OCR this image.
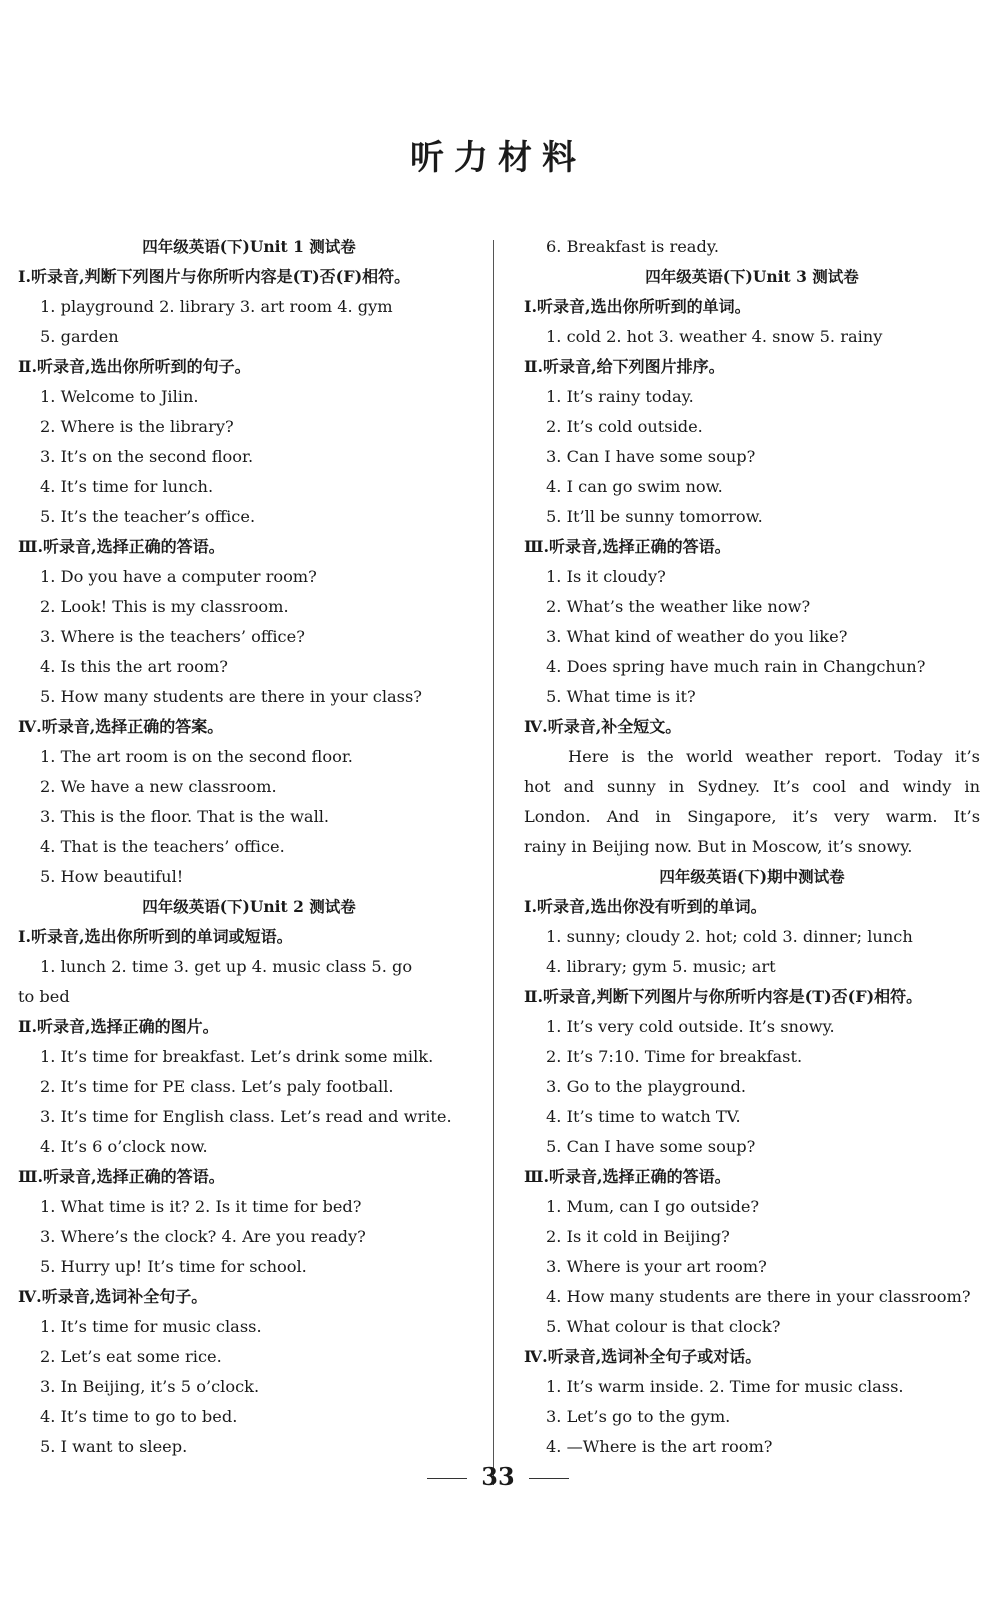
听力材料
四年级英语(下)Unit 1 测试卷
Ⅰ.听录音,判断下列图片与你所听内容是(T)否(F)相符。
1. playground 2. library 3. art room 4. gym
5. garden
Ⅱ.听录音,选出你所听到的句子。
1. Welcome to Jilin.
2. Where is the library?
3. It’s on the second floor.
4. It’s time for lunch.
5. It’s the teacher’s office.
Ⅲ.听录音,选择正确的答语。
1. Do you have a computer room?
2. Look! This is my classroom.
3. Where is the teachers’ office?
4. Is this the art room?
5. How many students are there in your class?
Ⅳ.听录音,选择正确的答案。
1. The art room is on the second floor.
2. We have a new classroom.
3. This is the floor. That is the wall.
4. That is the teachers’ office.
5. How beautiful!
四年级英语(下)Unit 2 测试卷
Ⅰ.听录音,选出你所听到的单词或短语。
1. lunch 2. time 3. get up 4. music class 5. go
to bed
Ⅱ.听录音,选择正确的图片。
1. It’s time for breakfast. Let’s drink some milk.
2. It’s time for PE class. Let’s paly football.
3. It’s time for English class. Let’s read and write.
4. It’s 6 o’clock now.
Ⅲ.听录音,选择正确的答语。
1. What time is it? 2. Is it time for bed?
3. Where’s the clock? 4. Are you ready?
5. Hurry up! It’s time for school.
Ⅳ.听录音,选词补全句子。
1. It’s time for music class.
2. Let’s eat some rice.
3. In Beijing, it’s 5 o’clock.
4. It’s time to go to bed.
5. I want to sleep.
6. Breakfast is ready.
四年级英语(下)Unit 3 测试卷
Ⅰ.听录音,选出你所听到的单词。
1. cold 2. hot 3. weather 4. snow 5. rainy
Ⅱ.听录音,给下列图片排序。
1. It’s rainy today.
2. It’s cold outside.
3. Can I have some soup?
4. I can go swim now.
5. It’ll be sunny tomorrow.
Ⅲ.听录音,选择正确的答语。
1. Is it cloudy?
2. What’s the weather like now?
3. What kind of weather do you like?
4. Does spring have much rain in Changchun?
5. What time is it?
Ⅳ.听录音,补全短文。
Here is the world weather report. Today it’s
hot and sunny in Sydney. It’s cool and windy in
London. And in Singapore, it’s very warm. It’s
rainy in Beijing now. But in Moscow, it’s snowy.
四年级英语(下)期中测试卷
Ⅰ.听录音,选出你没有听到的单词。
1. sunny; cloudy 2. hot; cold 3. dinner; lunch
4. library; gym 5. music; art
Ⅱ.听录音,判断下列图片与你所听内容是(T)否(F)相符。
1. It’s very cold outside. It’s snowy.
2. It’s 7:10. Time for breakfast.
3. Go to the playground.
4. It’s time to watch TV.
5. Can I have some soup?
Ⅲ.听录音,选择正确的答语。
1. Mum, can I go outside?
2. Is it cold in Beijing?
3. Where is your art room?
4. How many students are there in your classroom?
5. What colour is that clock?
Ⅳ.听录音,选词补全句子或对话。
1. It’s warm inside. 2. Time for music class.
3. Let’s go to the gym.
4. —Where is the art room?
33
